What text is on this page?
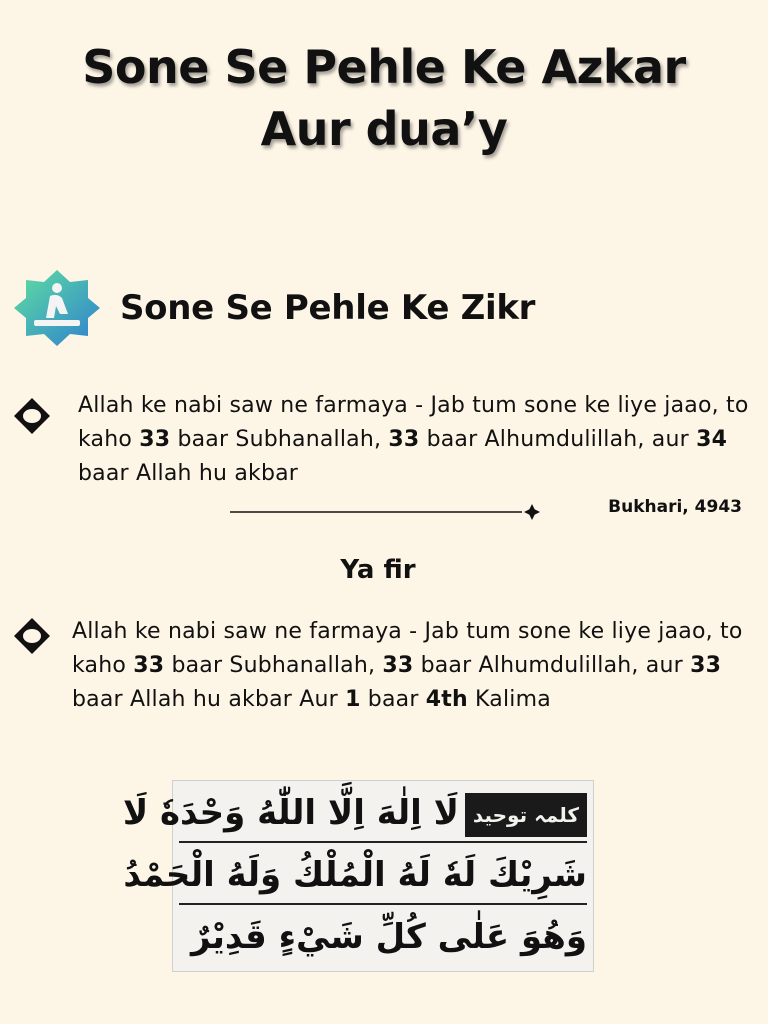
Sone Se Pehle Ke Azkar
Aur dua’y
Sone Se Pehle Ke Zikr
Allah ke nabi saw ne farmaya - Jab tum sone ke liye jaao, to kaho 33 baar Subhanallah, 33 baar Alhumdulillah, aur 34 baar Allah hu akbar
Bukhari, 4943
Ya fir
Allah ke nabi saw ne farmaya - Jab tum sone ke liye jaao, to kaho 33 baar Subhanallah, 33 baar Alhumdulillah, aur 33 baar Allah hu akbar Aur 1 baar 4th Kalima
کلمہ توحیدلَا اِلٰهَ اِلَّا اللّٰهُ وَحْدَهٗ لَا
شَرِيْكَ لَهٗ لَهُ الْمُلْكُ وَلَهُ الْحَمْدُ
وَهُوَ عَلٰى كُلِّ شَيْءٍ قَدِيْرٌ
